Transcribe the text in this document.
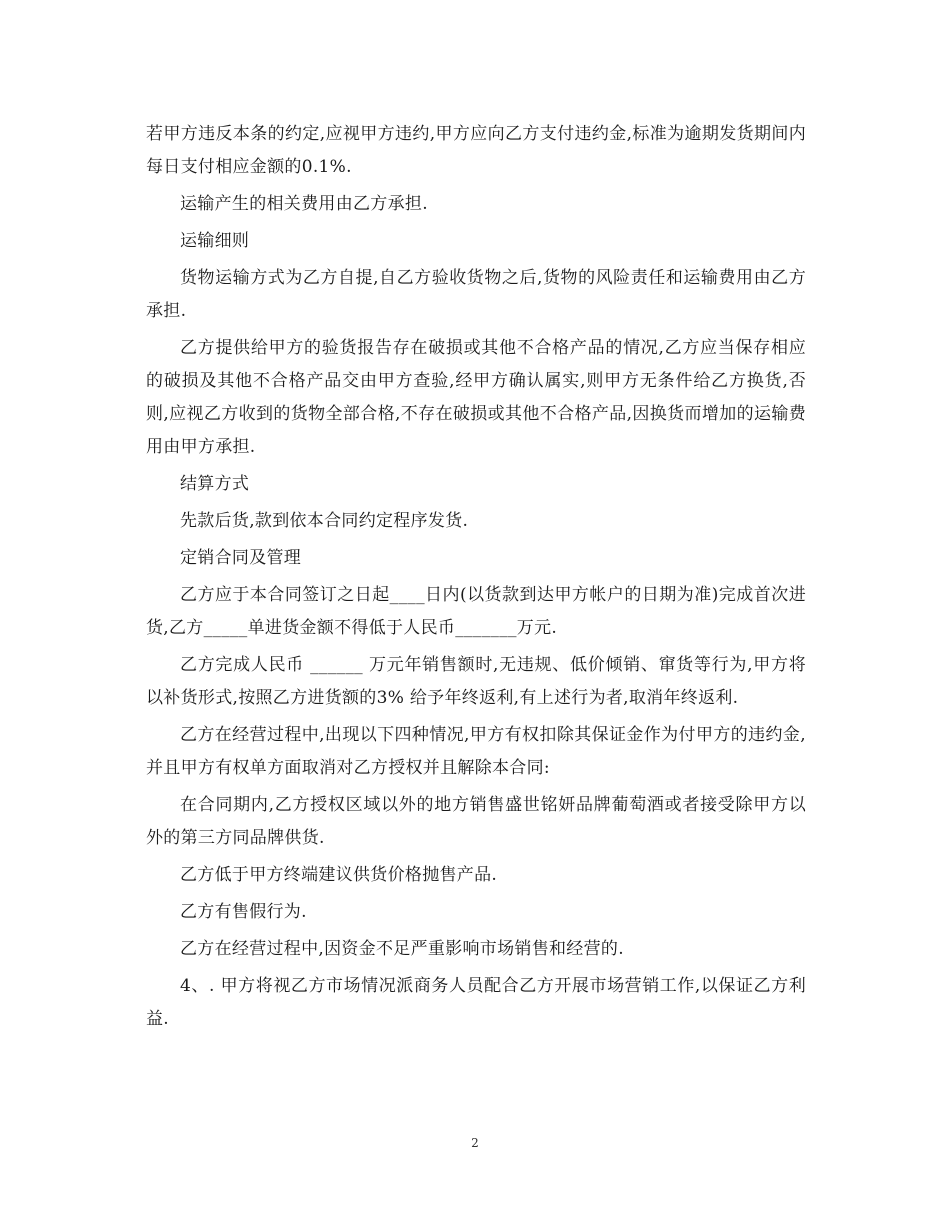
若甲方违反本条的约定,应视甲方违约,甲方应向乙方支付违约金,标准为逾期发货期间内每日支付相应金额的0.1%.

运输产生的相关费用由乙方承担.

运输细则

货物运输方式为乙方自提,自乙方验收货物之后,货物的风险责任和运输费用由乙方承担.

乙方提供给甲方的验货报告存在破损或其他不合格产品的情况,乙方应当保存相应的破损及其他不合格产品交由甲方查验,经甲方确认属实,则甲方无条件给乙方换货,否则,应视乙方收到的货物全部合格,不存在破损或其他不合格产品,因换货而增加的运输费用由甲方承担.

结算方式

先款后货,款到依本合同约定程序发货.

定销合同及管理

乙方应于本合同签订之日起____日内(以货款到达甲方帐户的日期为准)完成首次进货,乙方_____单进货金额不得低于人民币_______万元.

乙方完成人民币 ______ 万元年销售额时,无违规、低价倾销、窜货等行为,甲方将以补货形式,按照乙方进货额的3% 给予年终返利,有上述行为者,取消年终返利.

乙方在经营过程中,出现以下四种情况,甲方有权扣除其保证金作为付甲方的违约金,并且甲方有权单方面取消对乙方授权并且解除本合同:

在合同期内,乙方授权区域以外的地方销售盛世铭妍品牌葡萄酒或者接受除甲方以外的第三方同品牌供货.

乙方低于甲方终端建议供货价格抛售产品.

乙方有售假行为.

乙方在经营过程中,因资金不足严重影响市场销售和经营的.

4、. 甲方将视乙方市场情况派商务人员配合乙方开展市场营销工作,以保证乙方利益.

2
